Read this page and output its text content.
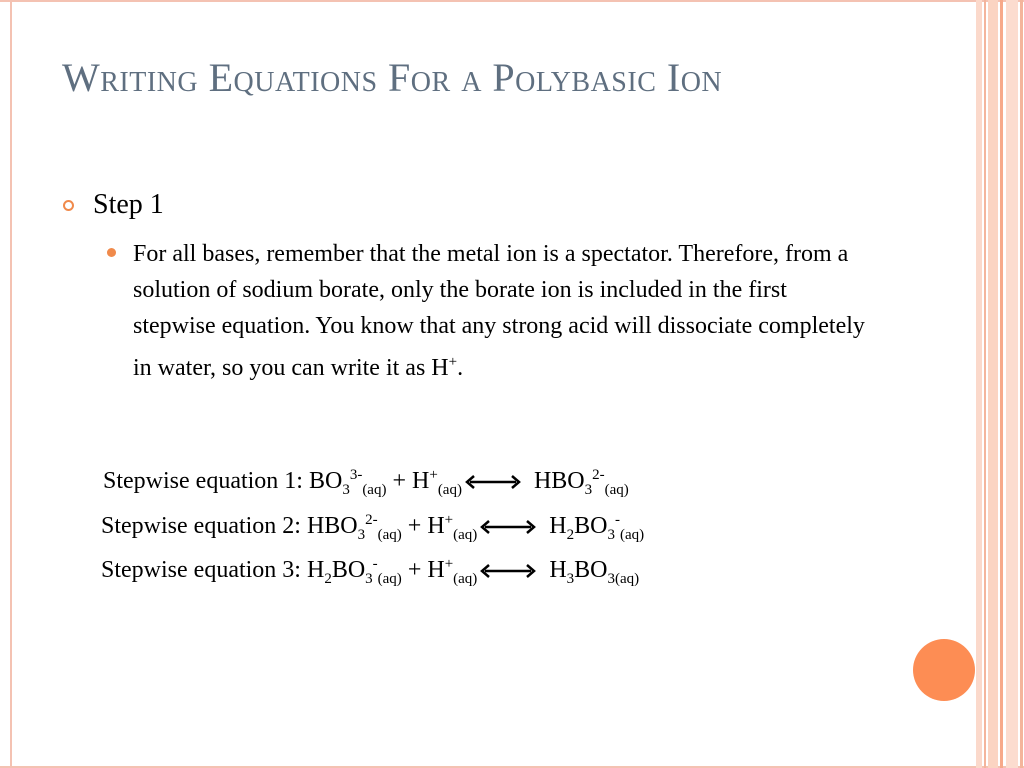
Writing Equations For a Polybasic Ion
Step 1
For all bases, remember that the metal ion is a spectator. Therefore, from a solution of sodium borate, only the borate ion is included in the first stepwise equation. You know that any strong acid will dissociate completely in water, so you can write it as H+.
Stepwise equation 1: $BO_3^{3-}_{(aq)} + H^+_{(aq)}$	$HBO_3^{2-}_{(aq)}$
Stepwise equation 2: $HBO_3^{2-}_{(aq)} + H^+_{(aq)}$	$H_2BO_3^-_{(aq)}$
Stepwise equation 3: $H_2BO_3^-_{(aq)} + H^+_{(aq)}$	$H_3BO_{3(aq)}$
